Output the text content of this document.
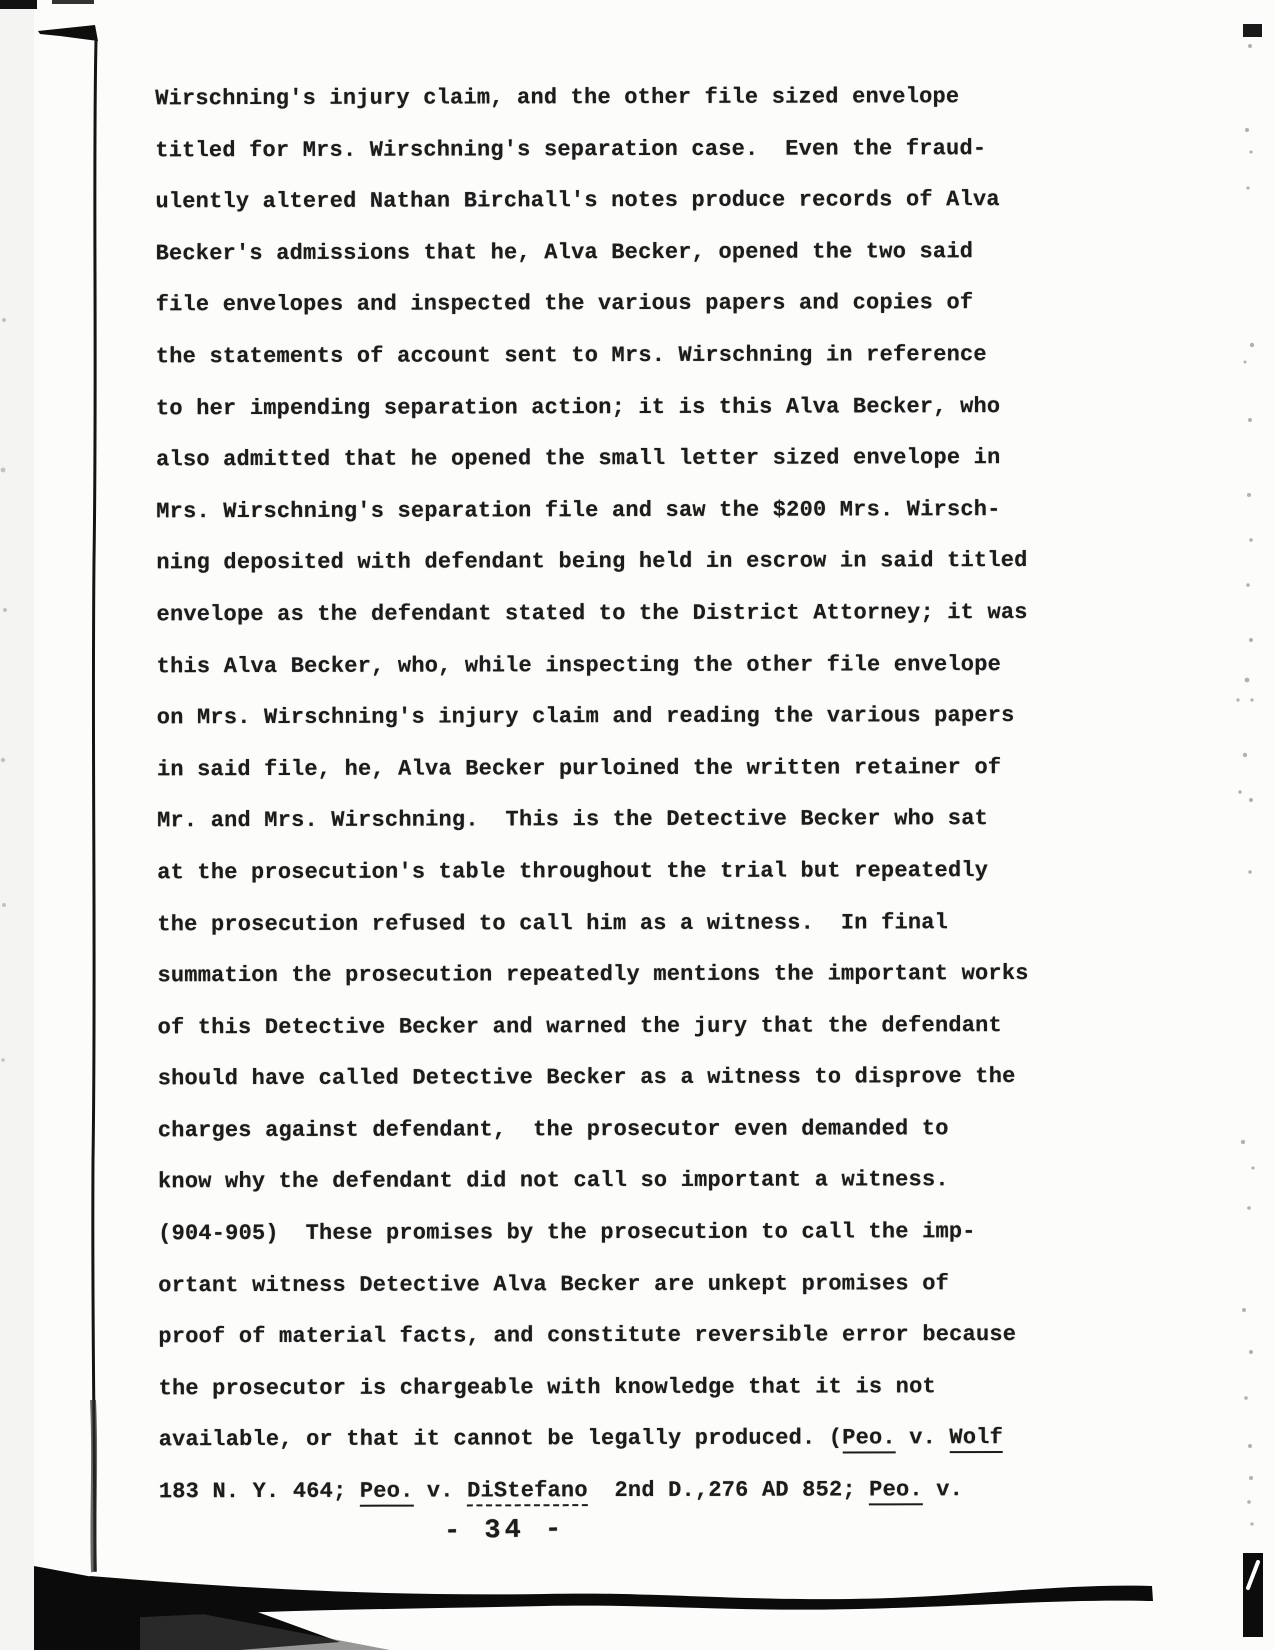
Wirschning's injury claim, and the other file sized envelope
titled for Mrs. Wirschning's separation case.  Even the fraud-
ulently altered Nathan Birchall's notes produce records of Alva
Becker's admissions that he, Alva Becker, opened the two said
file envelopes and inspected the various papers and copies of
the statements of account sent to Mrs. Wirschning in reference
to her impending separation action; it is this Alva Becker, who
also admitted that he opened the small letter sized envelope in
Mrs. Wirschning's separation file and saw the $200 Mrs. Wirsch-
ning deposited with defendant being held in escrow in said titled
envelope as the defendant stated to the District Attorney; it was
this Alva Becker, who, while inspecting the other file envelope
on Mrs. Wirschning's injury claim and reading the various papers
in said file, he, Alva Becker purloined the written retainer of
Mr. and Mrs. Wirschning.  This is the Detective Becker who sat
at the prosecution's table throughout the trial but repeatedly
the prosecution refused to call him as a witness.  In final
summation the prosecution repeatedly mentions the important works
of this Detective Becker and warned the jury that the defendant
should have called Detective Becker as a witness to disprove the
charges against defendant,  the prosecutor even demanded to
know why the defendant did not call so important a witness.
(904-905)  These promises by the prosecution to call the imp-
ortant witness Detective Alva Becker are unkept promises of
proof of material facts, and constitute reversible error because
the prosecutor is chargeable with knowledge that it is not
available, or that it cannot be legally produced. (Peo. v. Wolf
183 N. Y. 464; Peo. v. DiStefano  2nd D.,276 AD 852; Peo. v.
- 34 -
